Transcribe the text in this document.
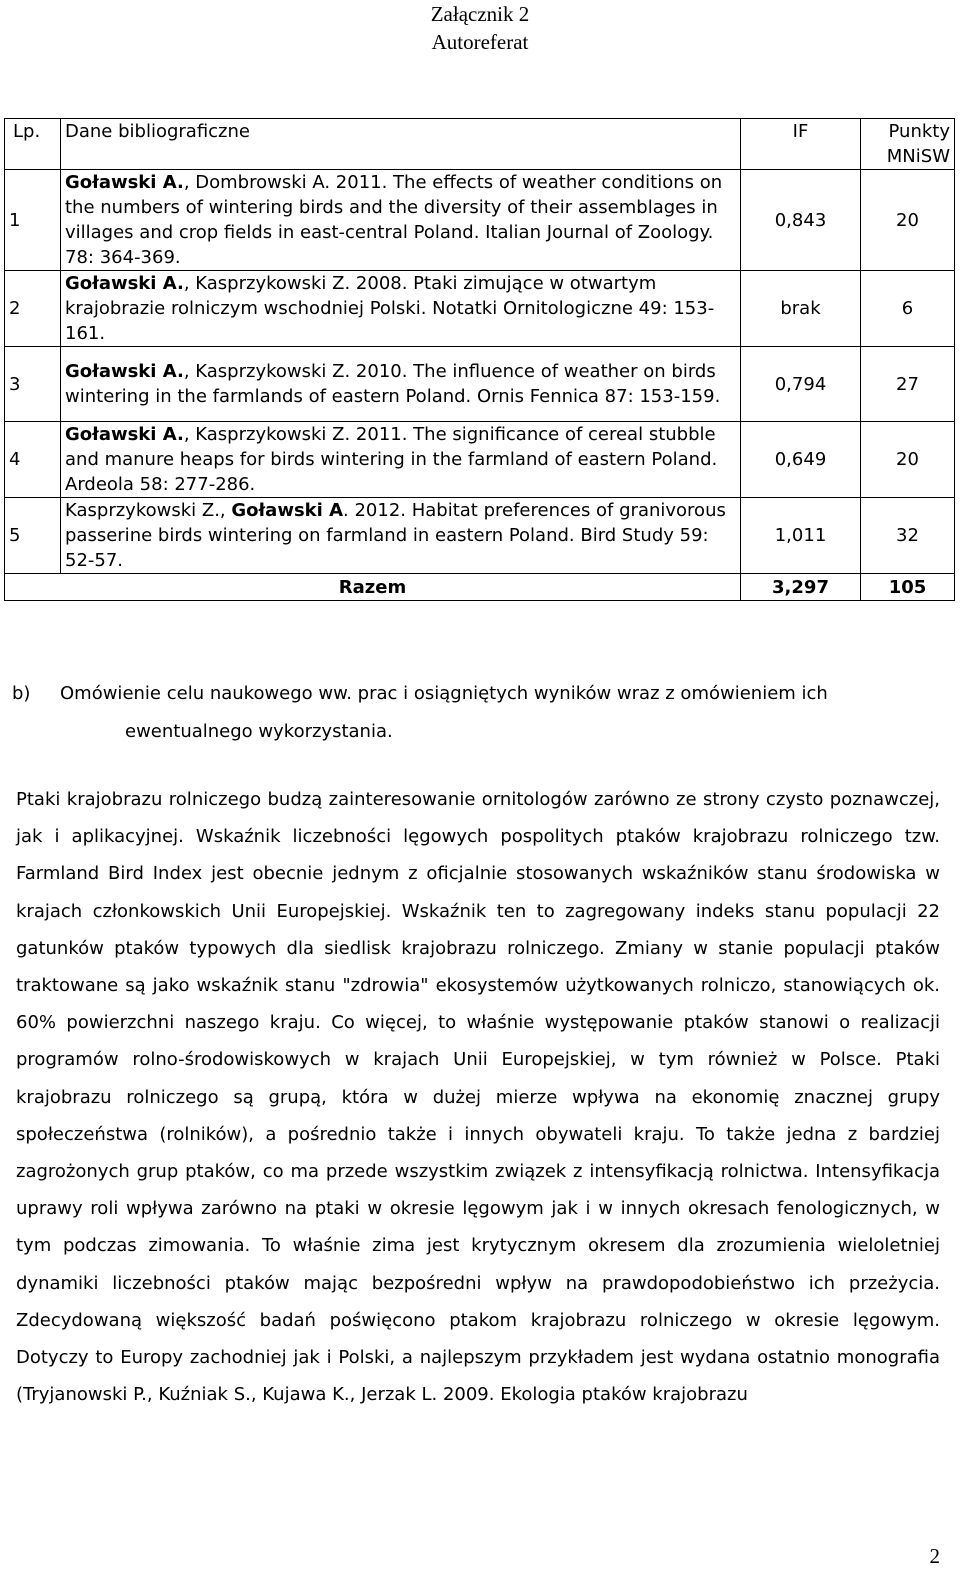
Załącznik 2
Autoreferat
Lp.	Dane bibliograficzne	IF	Punkty MNiSW
1	Goławski A., Dombrowski A. 2011. The effects of weather conditions on the numbers of wintering birds and the diversity of their assemblages in villages and crop fields in east-central Poland. Italian Journal of Zoology. 78: 364-369.	0,843	20
2	Goławski A., Kasprzykowski Z. 2008. Ptaki zimujące w otwartym krajobrazie rolniczym wschodniej Polski. Notatki Ornitologiczne 49: 153-161.	brak	6
3	Goławski A., Kasprzykowski Z. 2010. The influence of weather on birds wintering in the farmlands of eastern Poland. Ornis Fennica 87: 153-159.	0,794	27
4	Goławski A., Kasprzykowski Z. 2011. The significance of cereal stubble and manure heaps for birds wintering in the farmland of eastern Poland. Ardeola 58: 277-286.	0,649	20
5	Kasprzykowski Z., Goławski A. 2012. Habitat preferences of granivorous passerine birds wintering on farmland in eastern Poland. Bird Study 59: 52-57.	1,011	32
Razem		3,297	105
b) Omówienie celu naukowego ww. prac i osiągniętych wyników wraz z omówieniem ich
ewentualnego wykorzystania.
Ptaki krajobrazu rolniczego budzą zainteresowanie ornitologów zarówno ze strony czysto poznawczej, jak i aplikacyjnej. Wskaźnik liczebności lęgowych pospolitych ptaków krajobrazu rolniczego tzw. Farmland Bird Index jest obecnie jednym z oficjalnie stosowanych wskaźników stanu środowiska w krajach członkowskich Unii Europejskiej. Wskaźnik ten to zagregowany indeks stanu populacji 22 gatunków ptaków typowych dla siedlisk krajobrazu rolniczego. Zmiany w stanie populacji ptaków traktowane są jako wskaźnik stanu "zdrowia" ekosystemów użytkowanych rolniczo, stanowiących ok. 60% powierzchni naszego kraju. Co więcej, to właśnie występowanie ptaków stanowi o realizacji programów rolno-środowiskowych w krajach Unii Europejskiej, w tym również w Polsce. Ptaki krajobrazu rolniczego są grupą, która w dużej mierze wpływa na ekonomię znacznej grupy społeczeństwa (rolników), a pośrednio także i innych obywateli kraju. To także jedna z bardziej zagrożonych grup ptaków, co ma przede wszystkim związek z intensyfikacją rolnictwa. Intensyfikacja uprawy roli wpływa zarówno na ptaki w okresie lęgowym jak i w innych okresach fenologicznych, w tym podczas zimowania. To właśnie zima jest krytycznym okresem dla zrozumienia wieloletniej dynamiki liczebności ptaków mając bezpośredni wpływ na prawdopodobieństwo ich przeżycia. Zdecydowaną większość badań poświęcono ptakom krajobrazu rolniczego w okresie lęgowym. Dotyczy to Europy zachodniej jak i Polski, a najlepszym przykładem jest wydana ostatnio monografia (Tryjanowski P., Kuźniak S., Kujawa K., Jerzak L. 2009. Ekologia ptaków krajobrazu
2
